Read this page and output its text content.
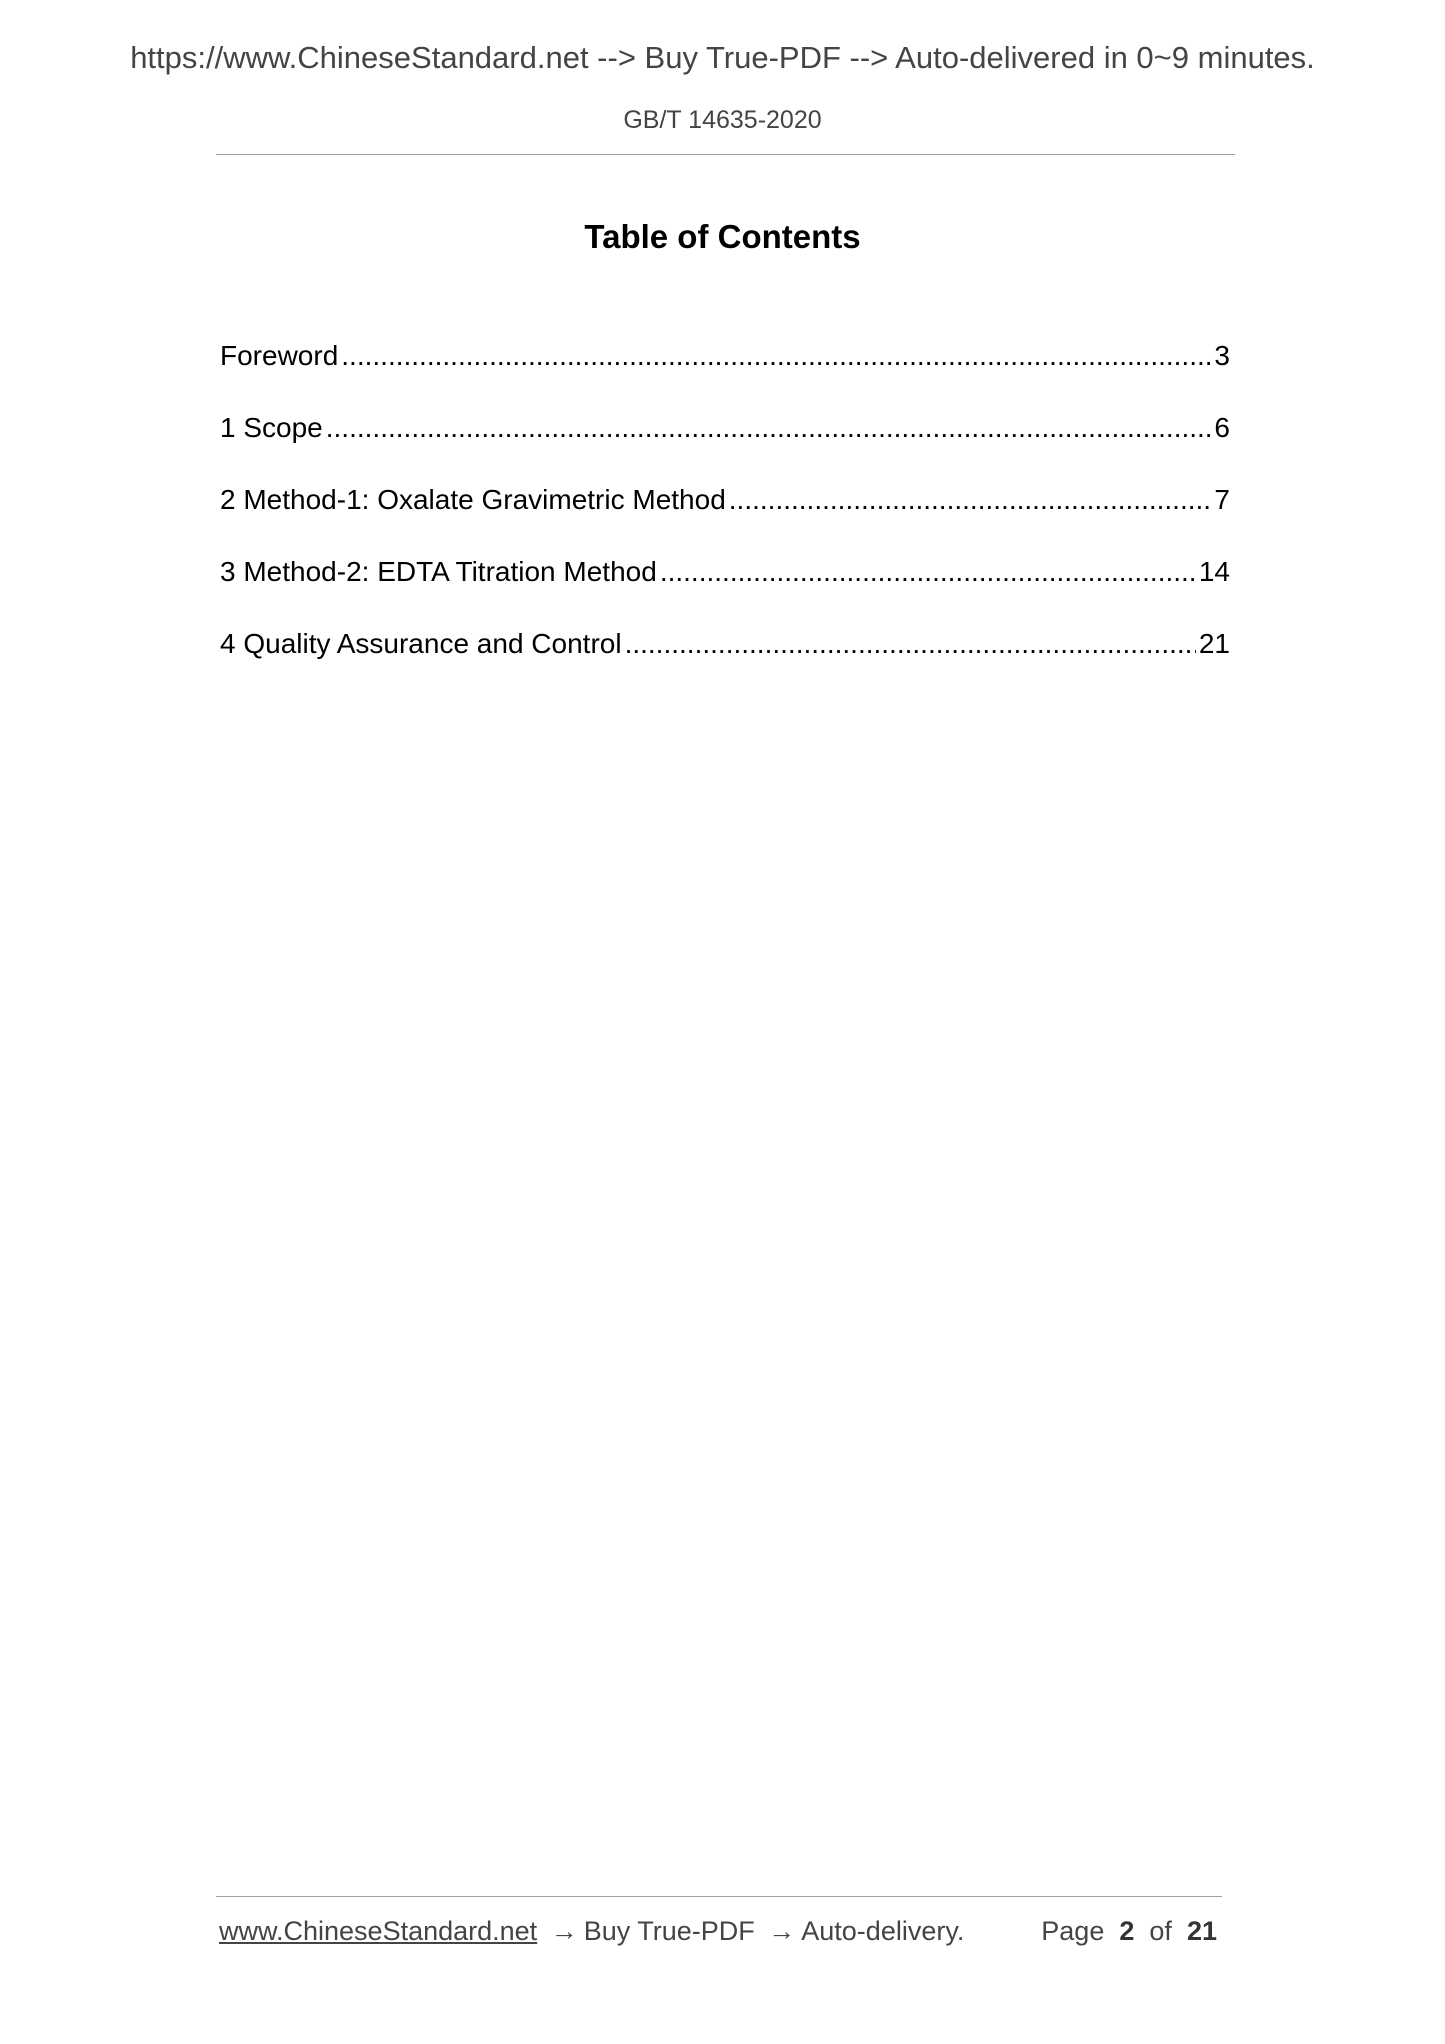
https://www.ChineseStandard.net --> Buy True-PDF --> Auto-delivered in 0~9 minutes.
GB/T 14635-2020
Table of Contents
Foreword .....	3
1 Scope .....	6
2 Method-1: Oxalate Gravimetric Method .....	7
3 Method-2: EDTA Titration Method .....	14
4 Quality Assurance and Control .....	21
www.ChineseStandard.net → Buy True-PDF → Auto-delivery.	Page 2 of 21
